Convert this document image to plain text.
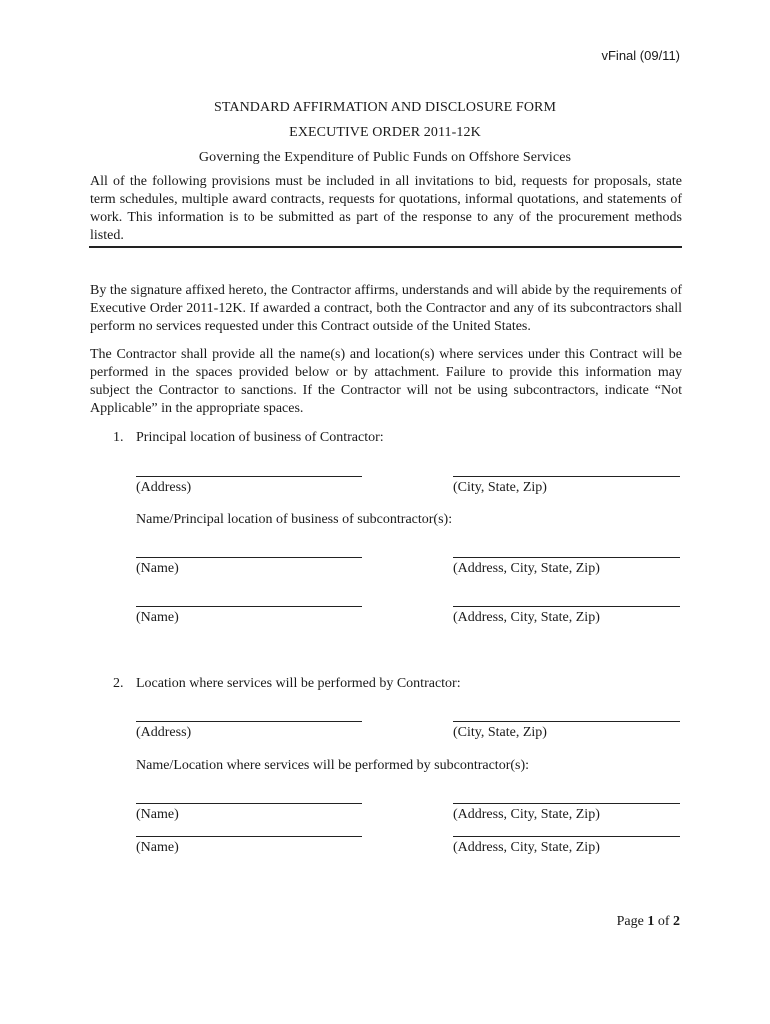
vFinal (09/11)
STANDARD AFFIRMATION AND DISCLOSURE FORM
EXECUTIVE ORDER 2011-12K
Governing the Expenditure of Public Funds on Offshore Services
All of the following provisions must be included in all invitations to bid, requests for proposals, state term schedules, multiple award contracts, requests for quotations, informal quotations, and statements of work. This information is to be submitted as part of the response to any of the procurement methods listed.
By the signature affixed hereto, the Contractor affirms, understands and will abide by the requirements of Executive Order 2011-12K. If awarded a contract, both the Contractor and any of its subcontractors shall perform no services requested under this Contract outside of the United States.
The Contractor shall provide all the name(s) and location(s) where services under this Contract will be performed in the spaces provided below or by attachment. Failure to provide this information may subject the Contractor to sanctions. If the Contractor will not be using subcontractors, indicate “Not Applicable” in the appropriate spaces.
1. Principal location of business of Contractor:
(Address)	(City, State, Zip)
Name/Principal location of business of subcontractor(s):
(Name)	(Address, City, State, Zip)
(Name)	(Address, City, State, Zip)
2. Location where services will be performed by Contractor:
(Address)	(City, State, Zip)
Name/Location where services will be performed by subcontractor(s):
(Name)	(Address, City, State, Zip)
(Name)	(Address, City, State, Zip)
Page 1 of 2
